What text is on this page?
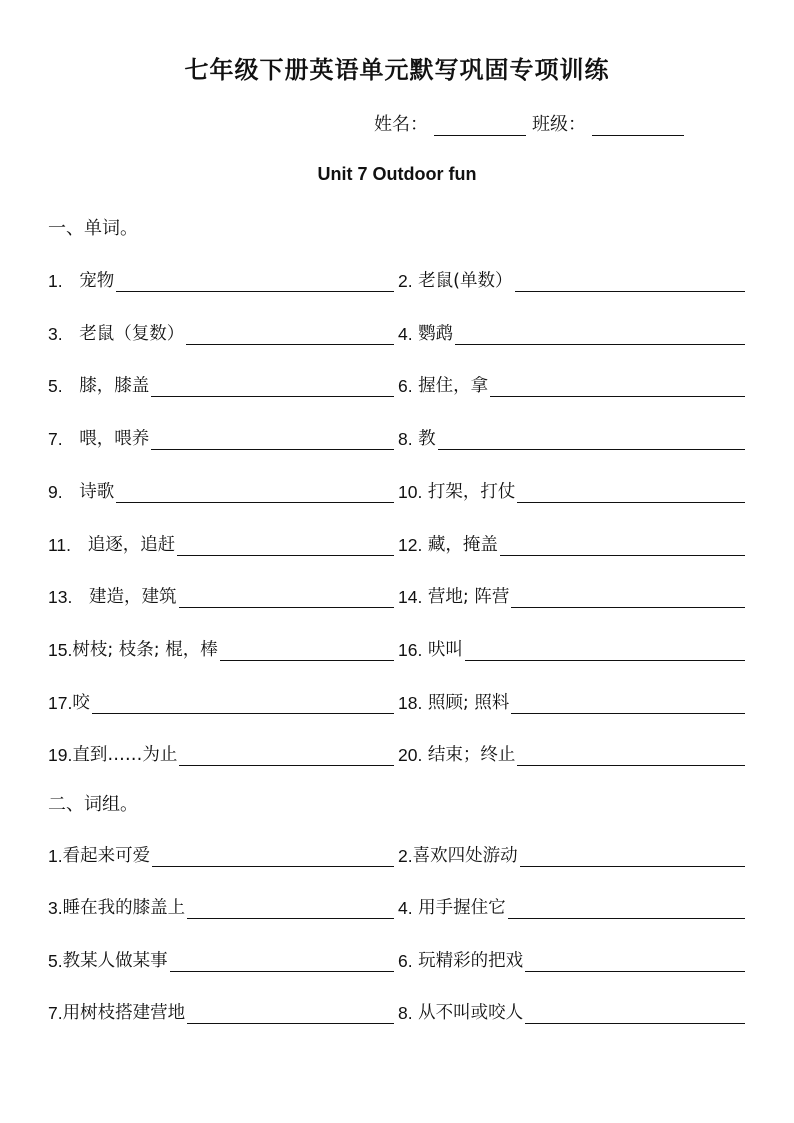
七年级下册英语单元默写巩固专项训练
姓名：	班级：
Unit 7 Outdoor fun
一、单词。
1. 宠物	2. 老鼠(单数）
3. 老鼠（复数）	4. 鹦鹉
5. 膝，膝盖	6. 握住，拿
7. 喂，喂养	8. 教
9. 诗歌	10. 打架，打仗
11. 追逐，追赶	12. 藏，掩盖
13. 建造，建筑	14. 营地; 阵营
15. 树枝; 枝条; 棍，棒	16. 吠叫
17. 咬	18. 照顾; 照料
19. 直到……为止	20. 结束；终止
二、词组。
1. 看起来可爱	2. 喜欢四处游动
3. 睡在我的膝盖上	4. 用手握住它
5. 教某人做某事	6. 玩精彩的把戏
7. 用树枝搭建营地	8. 从不叫或咬人
